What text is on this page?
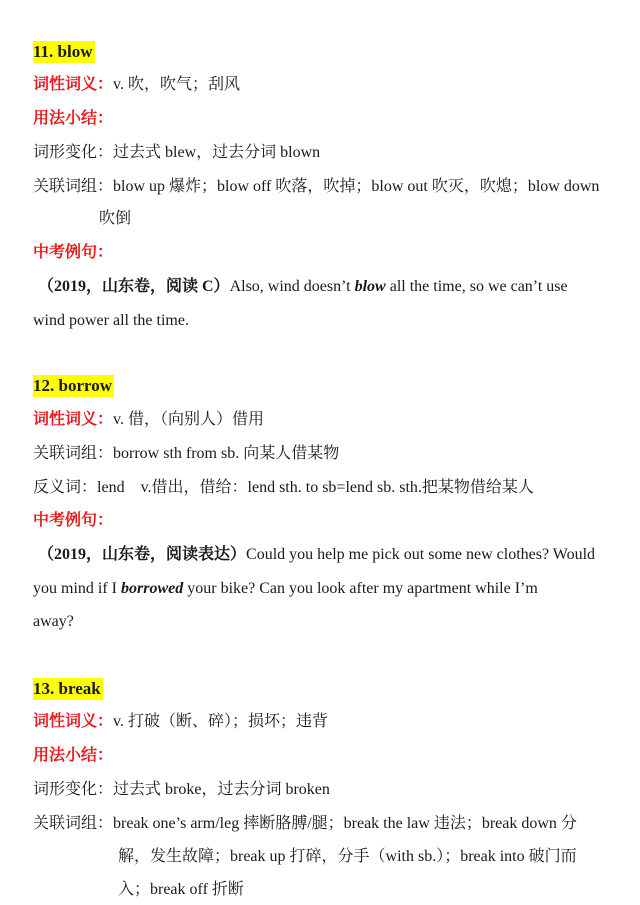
11. blow
词性词义：v. 吹，吹气；刮风
用法小结：
词形变化：过去式 blew，过去分词 blown
关联词组：blow up 爆炸；blow off 吹落，吹掉；blow out 吹灭，吹熄；blow down
吹倒
中考例句：
（2019，山东卷，阅读 C）Also, wind doesn’t blow all the time, so we can’t use
wind power all the time.
12. borrow
词性词义：v. 借，（向别人）借用
关联词组：borrow sth from sb. 向某人借某物
反义词：lend    v.借出，借给：lend sth. to sb=lend sb. sth.把某物借给某人
中考例句：
（2019，山东卷，阅读表达）Could you help me pick out some new clothes? Would
you mind if I borrowed your bike? Can you look after my apartment while I’m
away?
13. break
词性词义：v. 打破（断、碎）；损坏；违背
用法小结：
词形变化：过去式 broke，过去分词 broken
关联词组：break one’s arm/leg 摔断胳膊/腿；break the law 违法；break down 分
解，发生故障；break up 打碎，分手（with sb.）；break into 破门而
入；break off 折断
